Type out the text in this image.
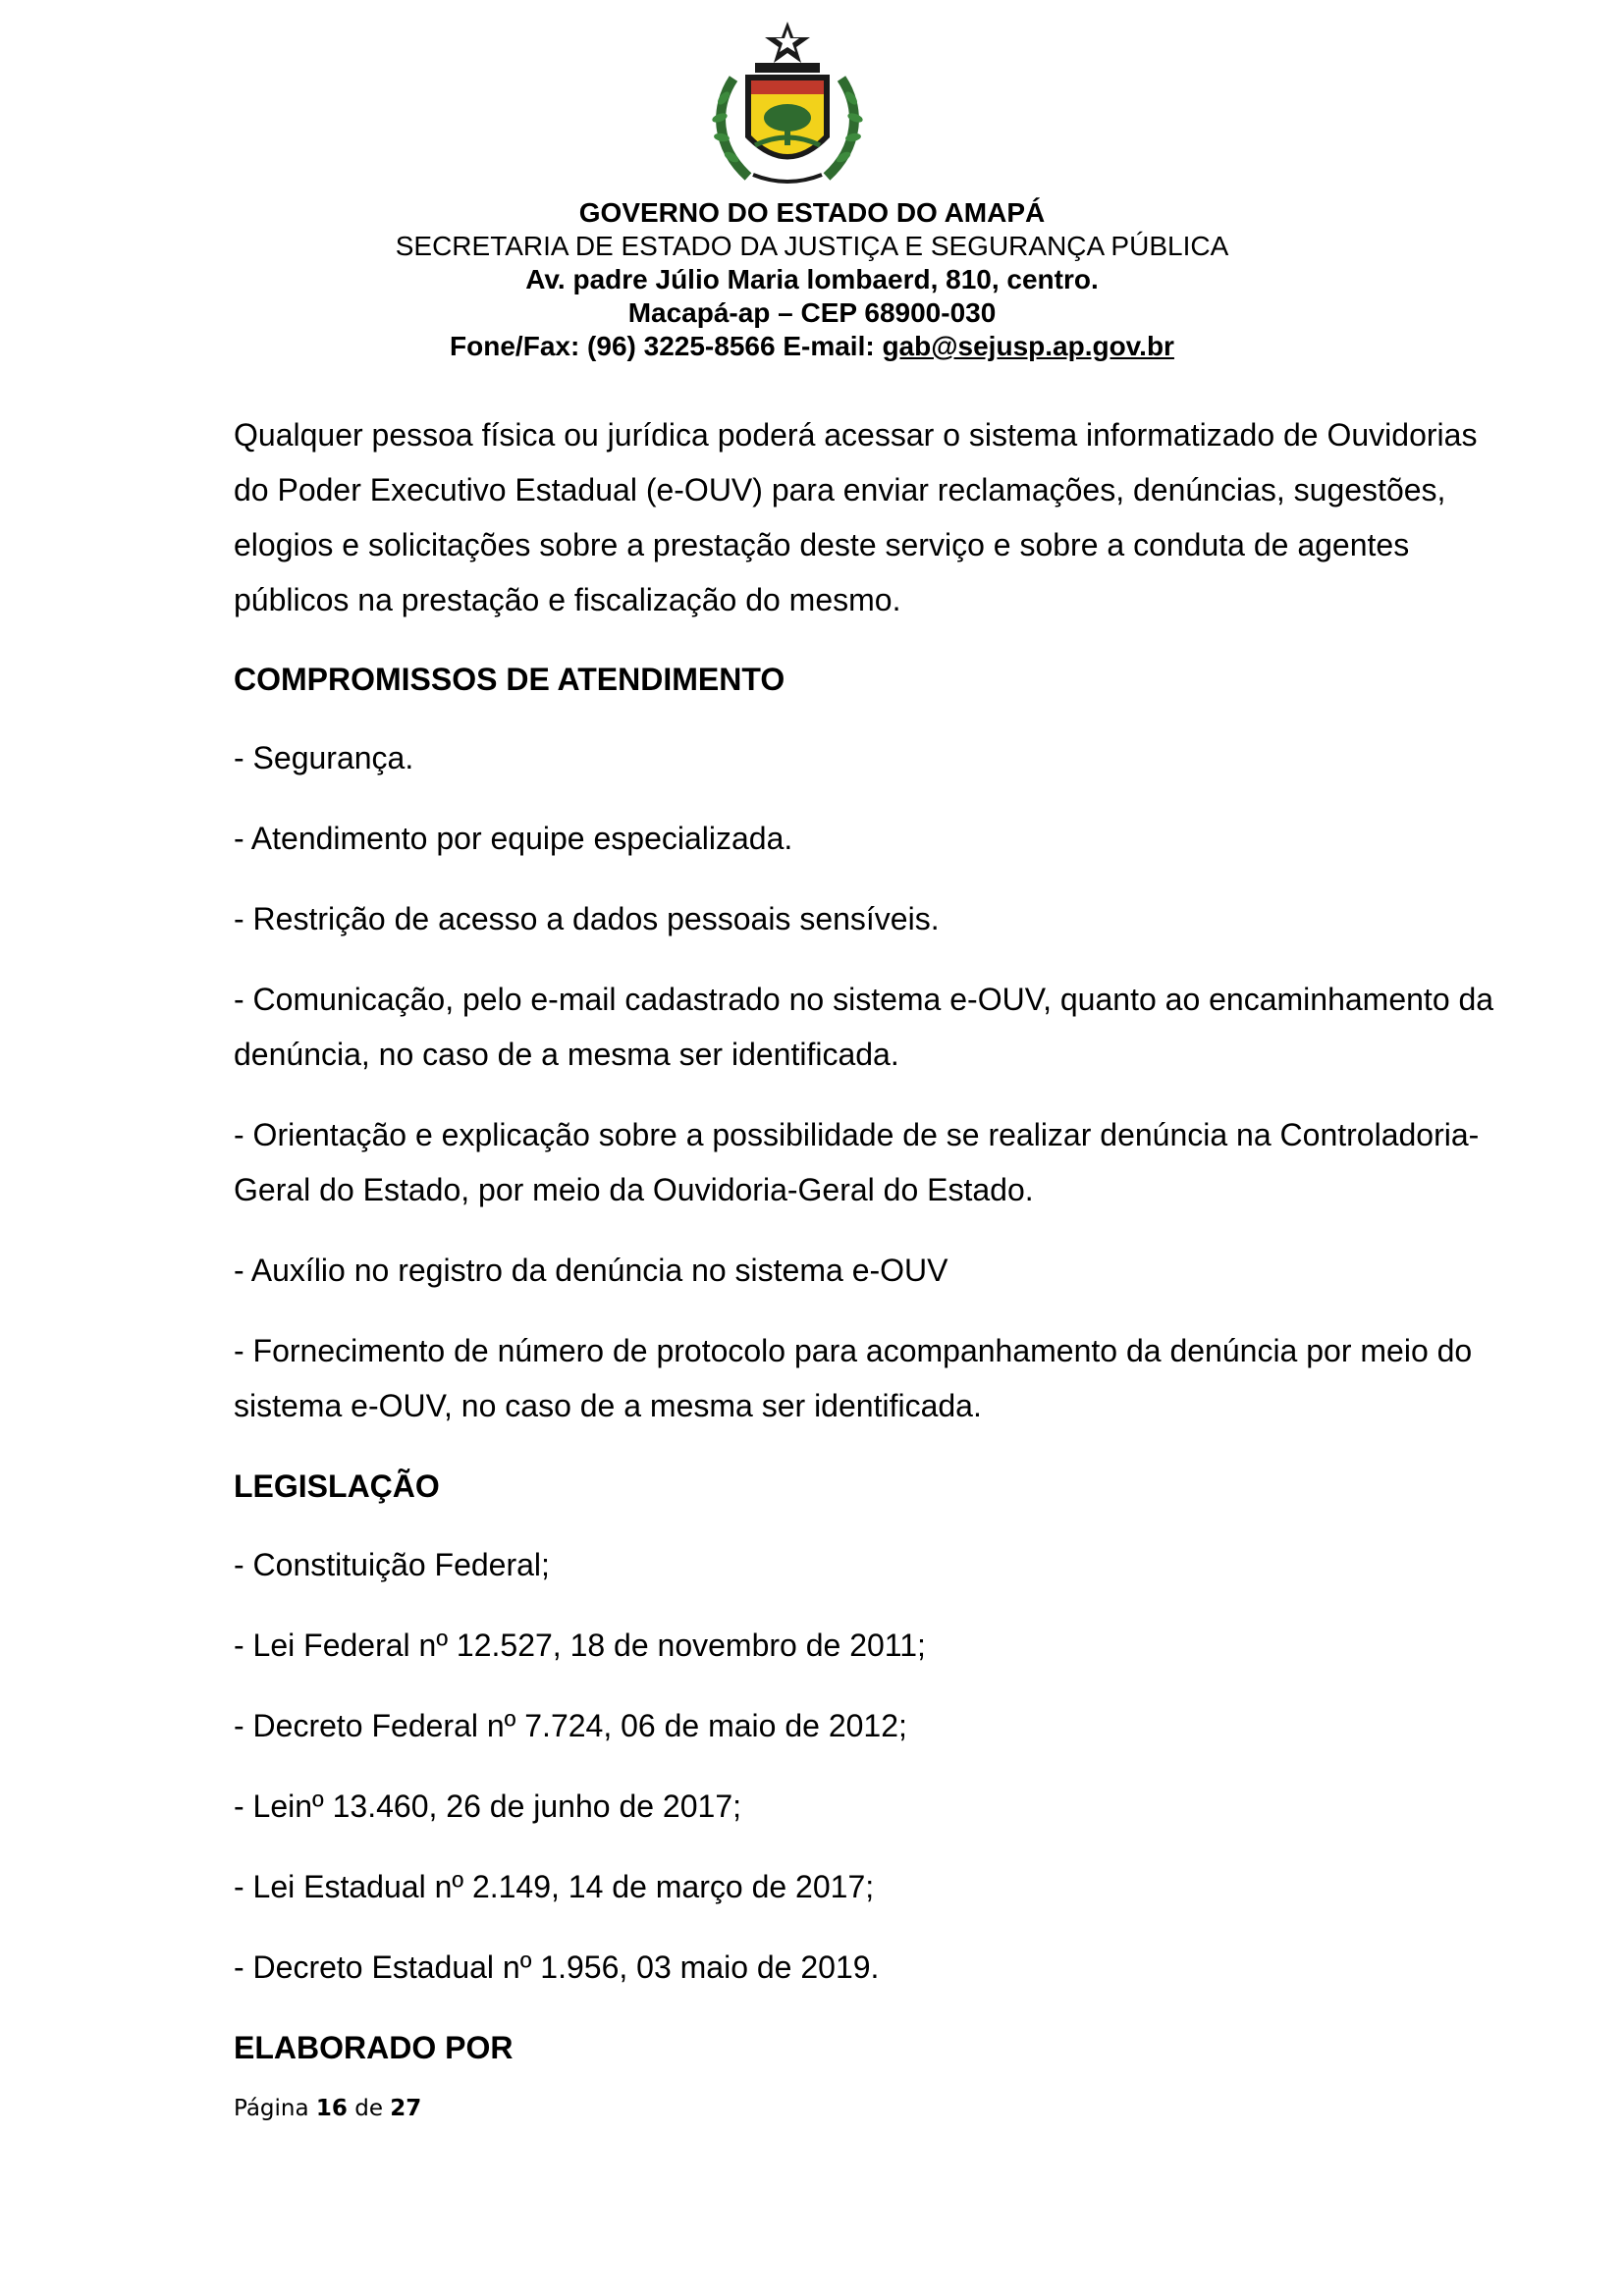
GOVERNO DO ESTADO DO AMAPÁ

SECRETARIA DE ESTADO DA JUSTIÇA E SEGURANÇA PÚBLICA

Av. padre Júlio Maria lombaerd, 810, centro.

Macapá-ap – CEP 68900-030

Fone/Fax: (96) 3225-8566 E-mail: gab@sejusp.ap.gov.br

Qualquer pessoa física ou jurídica poderá acessar o sistema informatizado de Ouvidorias do Poder Executivo Estadual (e-OUV) para enviar reclamações, denúncias, sugestões, elogios e solicitações sobre a prestação deste serviço e sobre a conduta de agentes públicos na prestação e fiscalização do mesmo.

COMPROMISSOS DE ATENDIMENTO

- Segurança.

- Atendimento por equipe especializada.

- Restrição de acesso a dados pessoais sensíveis.

- Comunicação, pelo e-mail cadastrado no sistema e-OUV, quanto ao encaminhamento da denúncia, no caso de a mesma ser identificada.

- Orientação e explicação sobre a possibilidade de se realizar denúncia na Controladoria-Geral do Estado, por meio da Ouvidoria-Geral do Estado.

- Auxílio no registro da denúncia no sistema e-OUV

- Fornecimento de número de protocolo para acompanhamento da denúncia por meio do sistema e-OUV, no caso de a mesma ser identificada.

LEGISLAÇÃO

- Constituição Federal;

- Lei Federal nº 12.527, 18 de novembro de 2011;

- Decreto Federal nº 7.724, 06 de maio de 2012;

- Leinº 13.460, 26 de junho de 2017;

- Lei Estadual nº 2.149, 14 de março de 2017;

- Decreto Estadual nº 1.956, 03 maio de 2019.

ELABORADO POR

Página 16 de 27
